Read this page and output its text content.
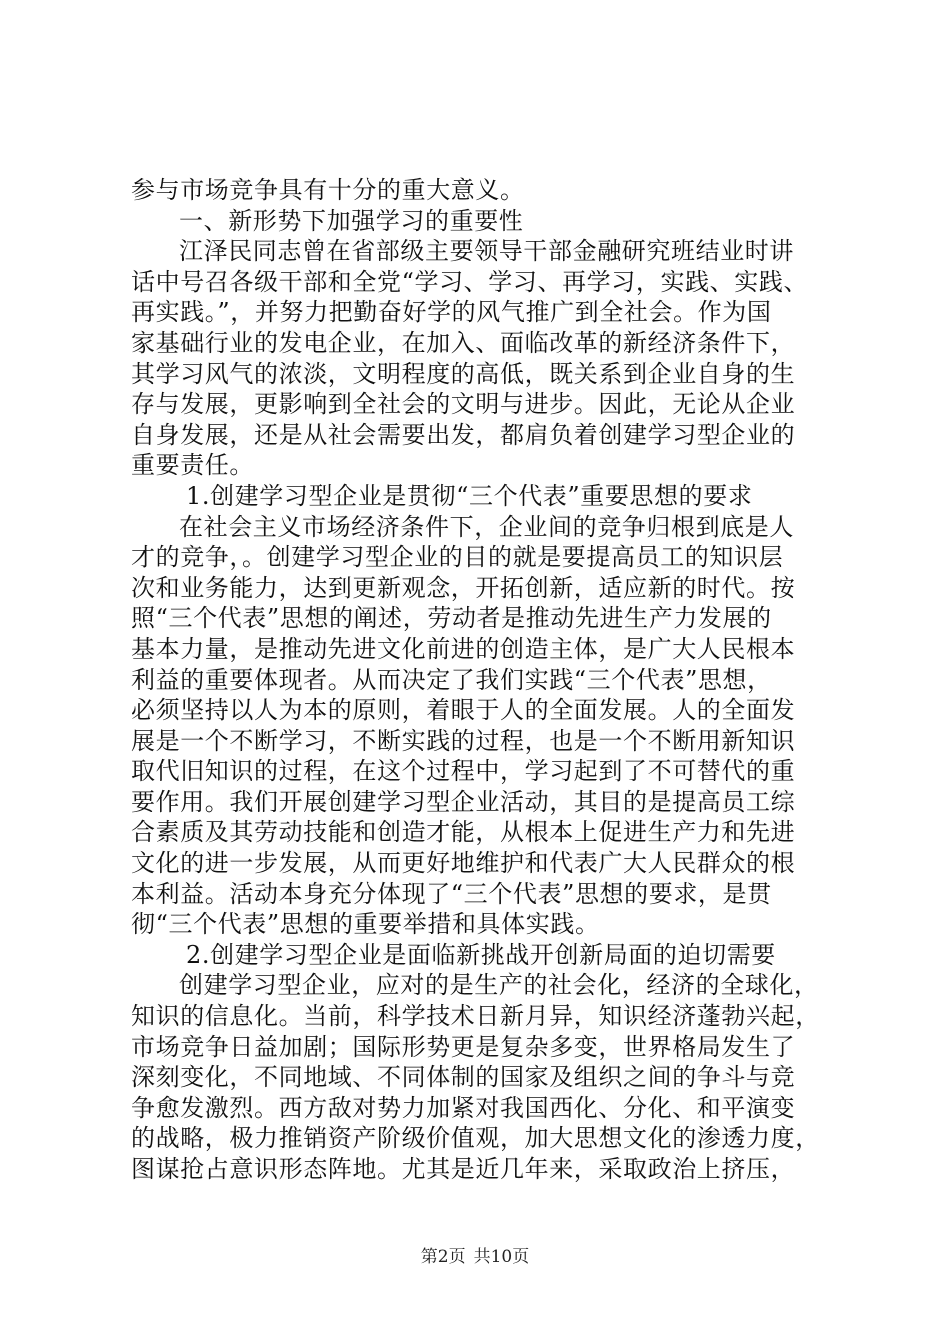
参与市场竞争具有十分的重大意义。
一、新形势下加强学习的重要性
江泽民同志曾在省部级主要领导干部金融研究班结业时讲
话中号召各级干部和全党“学习、学习、再学习，实践、实践、
再实践。”，并努力把勤奋好学的风气推广到全社会。作为国
家基础行业的发电企业，在加入、面临改革的新经济条件下，
其学习风气的浓淡，文明程度的高低，既关系到企业自身的生
存与发展，更影响到全社会的文明与进步。因此，无论从企业
自身发展，还是从社会需要出发，都肩负着创建学习型企业的
重要责任。
1.创建学习型企业是贯彻“三个代表”重要思想的要求
在社会主义市场经济条件下，企业间的竞争归根到底是人
才的竞争，。创建学习型企业的目的就是要提高员工的知识层
次和业务能力，达到更新观念，开拓创新，适应新的时代。按
照“三个代表”思想的阐述，劳动者是推动先进生产力发展的
基本力量，是推动先进文化前进的创造主体，是广大人民根本
利益的重要体现者。从而决定了我们实践“三个代表”思想，
必须坚持以人为本的原则，着眼于人的全面发展。人的全面发
展是一个不断学习，不断实践的过程，也是一个不断用新知识
取代旧知识的过程，在这个过程中，学习起到了不可替代的重
要作用。我们开展创建学习型企业活动，其目的是提高员工综
合素质及其劳动技能和创造才能，从根本上促进生产力和先进
文化的进一步发展，从而更好地维护和代表广大人民群众的根
本利益。活动本身充分体现了“三个代表”思想的要求，是贯
彻“三个代表”思想的重要举措和具体实践。
2.创建学习型企业是面临新挑战开创新局面的迫切需要
创建学习型企业，应对的是生产的社会化，经济的全球化，
知识的信息化。当前，科学技术日新月异，知识经济蓬勃兴起，
市场竞争日益加剧；国际形势更是复杂多变，世界格局发生了
深刻变化，不同地域、不同体制的国家及组织之间的争斗与竞
争愈发激烈。西方敌对势力加紧对我国西化、分化、和平演变
的战略，极力推销资产阶级价值观，加大思想文化的渗透力度，
图谋抢占意识形态阵地。尤其是近几年来，采取政治上挤压，
第2页 共10页
